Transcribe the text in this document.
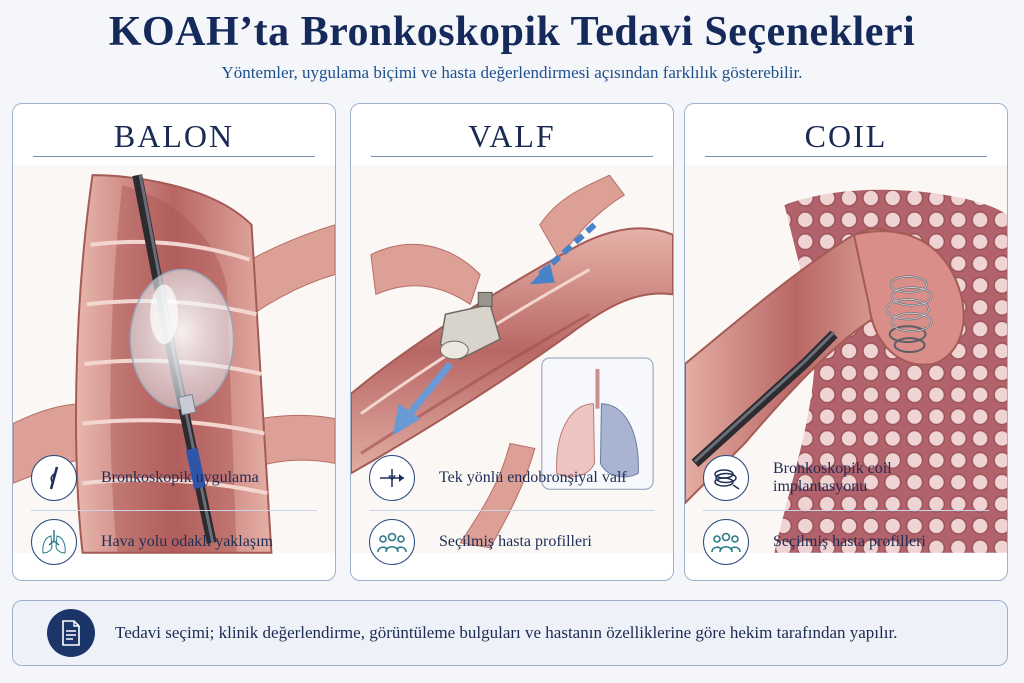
KOAH’ta Bronkoskopik Tedavi Seçenekleri
Yöntemler, uygulama biçimi ve hasta değerlendirmesi açısından farklılık gösterebilir.
BALON
Bronkoskopik uygulama
Hava yolu odaklı yaklaşım
VALF
Tek yönlü endobronşiyal valf
Seçilmiş hasta profilleri
COIL
Bronkoskopik coil implantasyonu
Seçilmiş hasta profilleri
Tedavi seçimi; klinik değerlendirme, görüntüleme bulguları ve hastanın özelliklerine göre hekim tarafından yapılır.
